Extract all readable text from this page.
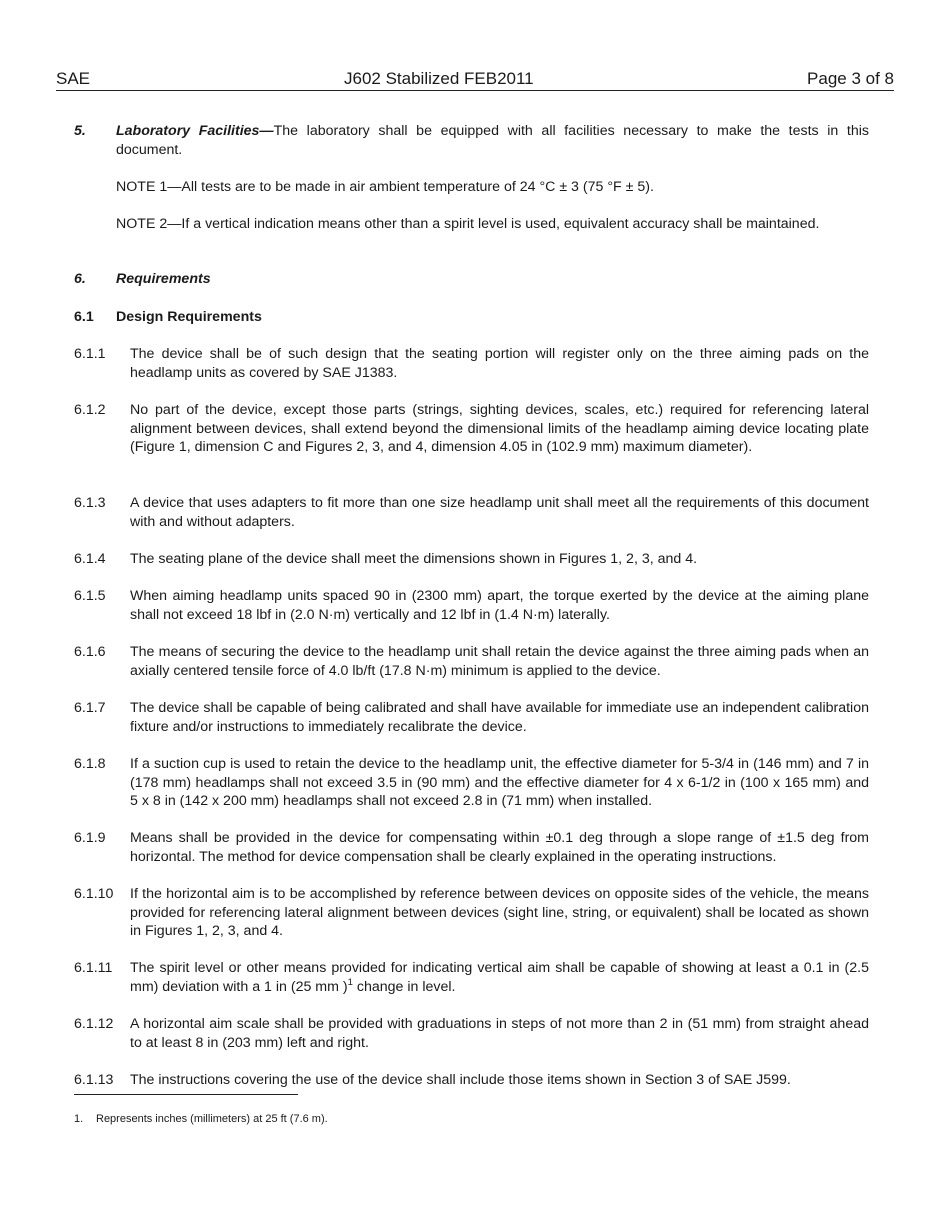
SAE	J602 Stabilized FEB2011	Page 3 of 8
5. Laboratory Facilities—The laboratory shall be equipped with all facilities necessary to make the tests in this document.
NOTE 1—All tests are to be made in air ambient temperature of 24 °C ± 3 (75 °F ± 5).
NOTE 2—If a vertical indication means other than a spirit level is used, equivalent accuracy shall be maintained.
6. Requirements
6.1 Design Requirements
6.1.1 The device shall be of such design that the seating portion will register only on the three aiming pads on the headlamp units as covered by SAE J1383.
6.1.2 No part of the device, except those parts (strings, sighting devices, scales, etc.) required for referencing lateral alignment between devices, shall extend beyond the dimensional limits of the headlamp aiming device locating plate (Figure 1, dimension C and Figures 2, 3, and 4, dimension 4.05 in (102.9 mm) maximum diameter).
6.1.3 A device that uses adapters to fit more than one size headlamp unit shall meet all the requirements of this document with and without adapters.
6.1.4 The seating plane of the device shall meet the dimensions shown in Figures 1, 2, 3, and 4.
6.1.5 When aiming headlamp units spaced 90 in (2300 mm) apart, the torque exerted by the device at the aiming plane shall not exceed 18 lbf in (2.0 N·m) vertically and 12 lbf in (1.4 N·m) laterally.
6.1.6 The means of securing the device to the headlamp unit shall retain the device against the three aiming pads when an axially centered tensile force of 4.0 lb/ft (17.8 N·m) minimum is applied to the device.
6.1.7 The device shall be capable of being calibrated and shall have available for immediate use an independent calibration fixture and/or instructions to immediately recalibrate the device.
6.1.8 If a suction cup is used to retain the device to the headlamp unit, the effective diameter for 5-3/4 in (146 mm) and 7 in (178 mm) headlamps shall not exceed 3.5 in (90 mm) and the effective diameter for 4 x 6-1/2 in (100 x 165 mm) and 5 x 8 in (142 x 200 mm) headlamps shall not exceed 2.8 in (71 mm) when installed.
6.1.9 Means shall be provided in the device for compensating within ±0.1 deg through a slope range of ±1.5 deg from horizontal. The method for device compensation shall be clearly explained in the operating instructions.
6.1.10 If the horizontal aim is to be accomplished by reference between devices on opposite sides of the vehicle, the means provided for referencing lateral alignment between devices (sight line, string, or equivalent) shall be located as shown in Figures 1, 2, 3, and 4.
6.1.11 The spirit level or other means provided for indicating vertical aim shall be capable of showing at least a 0.1 in (2.5 mm) deviation with a 1 in (25 mm )$^1$ change in level.
6.1.12 A horizontal aim scale shall be provided with graduations in steps of not more than 2 in (51 mm) from straight ahead to at least 8 in (203 mm) left and right.
6.1.13 The instructions covering the use of the device shall include those items shown in Section 3 of SAE J599.
1. Represents inches (millimeters) at 25 ft (7.6 m).
